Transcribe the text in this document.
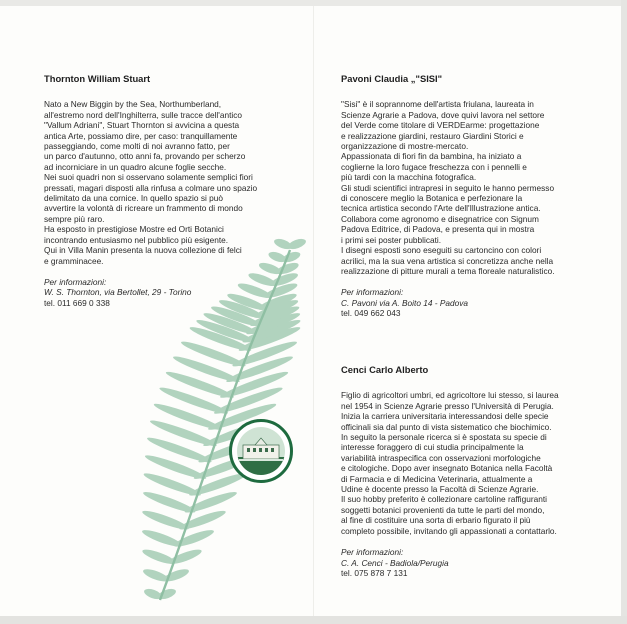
Thornton William Stuart

Nato a New Biggin by the Sea, Northumberland,

all'estremo nord dell'Inghilterra, sulle tracce dell'antico

"Vallum Adriani", Stuart Thornton si avvicina a questa

antica Arte, possiamo dire, per caso: tranquillamente

passeggiando, come molti di noi avranno fatto, per

un parco d'autunno, otto anni fa, provando per scherzo

ad incorniciare in un quadro alcune foglie secche.

Nei suoi quadri non si osservano solamente semplici fiori

pressati, magari disposti alla rinfusa a colmare uno spazio

delimitato da una cornice. In quello spazio si può

avvertire la volontà di ricreare un frammento di mondo

sempre più raro.

Ha esposto in prestigiose Mostre ed Orti Botanici

incontrando entusiasmo nel pubblico più esigente.

Qui in Villa Manin presenta la nuova collezione di felci

e gramminacee.

Per informazioni:
W. S. Thornton, via Bertollet, 29 - Torino
tel. 011 669 0 338
Pavoni Claudia „"SISI"

"Sisi" è il soprannome dell'artista friulana, laureata in

Scienze Agrarie a Padova, dove quivi lavora nel settore

del Verde come titolare di VERDEarme: progettazione

e realizzazione giardini, restauro Giardini Storici e

organizzazione di mostre-mercato.

Appassionata di fiori fin da bambina, ha iniziato a

coglierne la loro fugace freschezza con i pennelli e

più tardi con la macchina fotografica.

Gli studi scientifici intrapresi in seguito le hanno permesso

di conoscere meglio la Botanica e perfezionare la

tecnica artistica secondo l'Arte dell'Illustrazione antica.

Collabora come agronomo e disegnatrice con Signum

Padova Editrice, di Padova, e presenta qui in mostra

i primi sei poster pubblicati.

I disegni esposti sono eseguiti su cartoncino con colori

acrilici, ma la sua vena artistica si concretizza anche nella

realizzazione di pitture murali a tema floreale naturalistico.

Per informazioni:
C. Pavoni via A. Boito 14 - Padova
tel. 049 662 043
Cenci Carlo Alberto

Figlio di agricoltori umbri, ed agricoltore lui stesso, si laurea

nel 1954 in Scienze Agrarie presso l'Università di Perugia.

Inizia la carriera universitaria interessandosi delle specie

officinali sia dal punto di vista sistematico che biochimico.

In seguito la personale ricerca si è spostata su specie di

interesse foraggero di cui studia principalmente la

variabilità intraspecifica con osservazioni morfologiche

e citologiche. Dopo aver insegnato Botanica nella Facoltà

di Farmacia e di Medicina Veterinaria, attualmente a

Udine è docente presso la Facoltà di Scienze Agrarie.

Il suo hobby preferito è collezionare cartoline raffiguranti

soggetti botanici provenienti da tutte le parti del mondo,

al fine di costituire una sorta di erbario figurato il più

completo possibile, invitando gli appassionati a contattarlo.

Per informazioni:
C. A. Cenci - Badiola/Perugia
tel. 075 878 7 131
